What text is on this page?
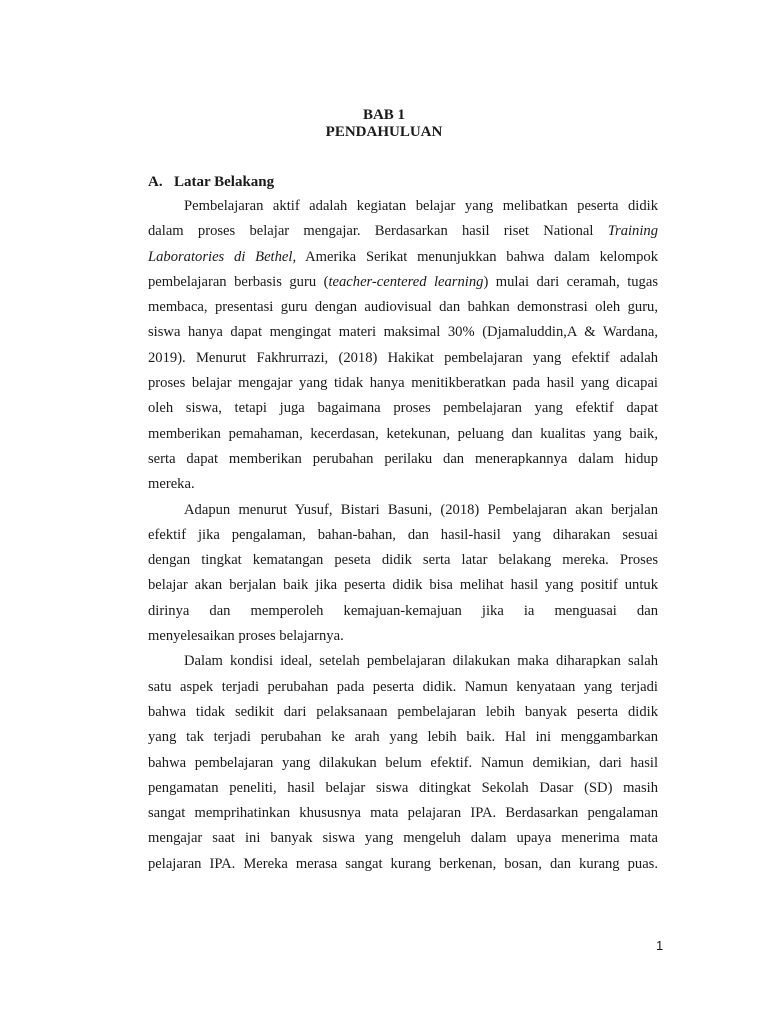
BAB 1
PENDAHULUAN
A. Latar Belakang
Pembelajaran aktif adalah kegiatan belajar yang melibatkan peserta didik
dalam proses belajar mengajar. Berdasarkan hasil riset National Training
Laboratories di Bethel, Amerika Serikat menunjukkan bahwa dalam kelompok
pembelajaran berbasis guru (teacher-centered learning) mulai dari ceramah, tugas
membaca, presentasi guru dengan audiovisual dan bahkan demonstrasi oleh guru,
siswa hanya dapat mengingat materi maksimal 30% (Djamaluddin,A & Wardana,
2019). Menurut Fakhrurrazi, (2018) Hakikat pembelajaran yang efektif adalah
proses belajar mengajar yang tidak hanya menitikberatkan pada hasil yang dicapai
oleh siswa, tetapi juga bagaimana proses pembelajaran yang efektif dapat
memberikan pemahaman, kecerdasan, ketekunan, peluang dan kualitas yang baik,
serta dapat memberikan perubahan perilaku dan menerapkannya dalam hidup
mereka.
Adapun menurut Yusuf, Bistari Basuni, (2018) Pembelajaran akan berjalan
efektif jika pengalaman, bahan-bahan, dan hasil-hasil yang diharakan sesuai
dengan tingkat kematangan peseta didik serta latar belakang mereka. Proses
belajar akan berjalan baik jika peserta didik bisa melihat hasil yang positif untuk
dirinya dan memperoleh kemajuan-kemajuan jika ia menguasai dan
menyelesaikan proses belajarnya.
Dalam kondisi ideal, setelah pembelajaran dilakukan maka diharapkan salah
satu aspek terjadi perubahan pada peserta didik. Namun kenyataan yang terjadi
bahwa tidak sedikit dari pelaksanaan pembelajaran lebih banyak peserta didik
yang tak terjadi perubahan ke arah yang lebih baik. Hal ini menggambarkan
bahwa pembelajaran yang dilakukan belum efektif. Namun demikian, dari hasil
pengamatan peneliti, hasil belajar siswa ditingkat Sekolah Dasar (SD) masih
sangat memprihatinkan khususnya mata pelajaran IPA. Berdasarkan pengalaman
mengajar saat ini banyak siswa yang mengeluh dalam upaya menerima mata
pelajaran IPA. Mereka merasa sangat kurang berkenan, bosan, dan kurang puas.
1
